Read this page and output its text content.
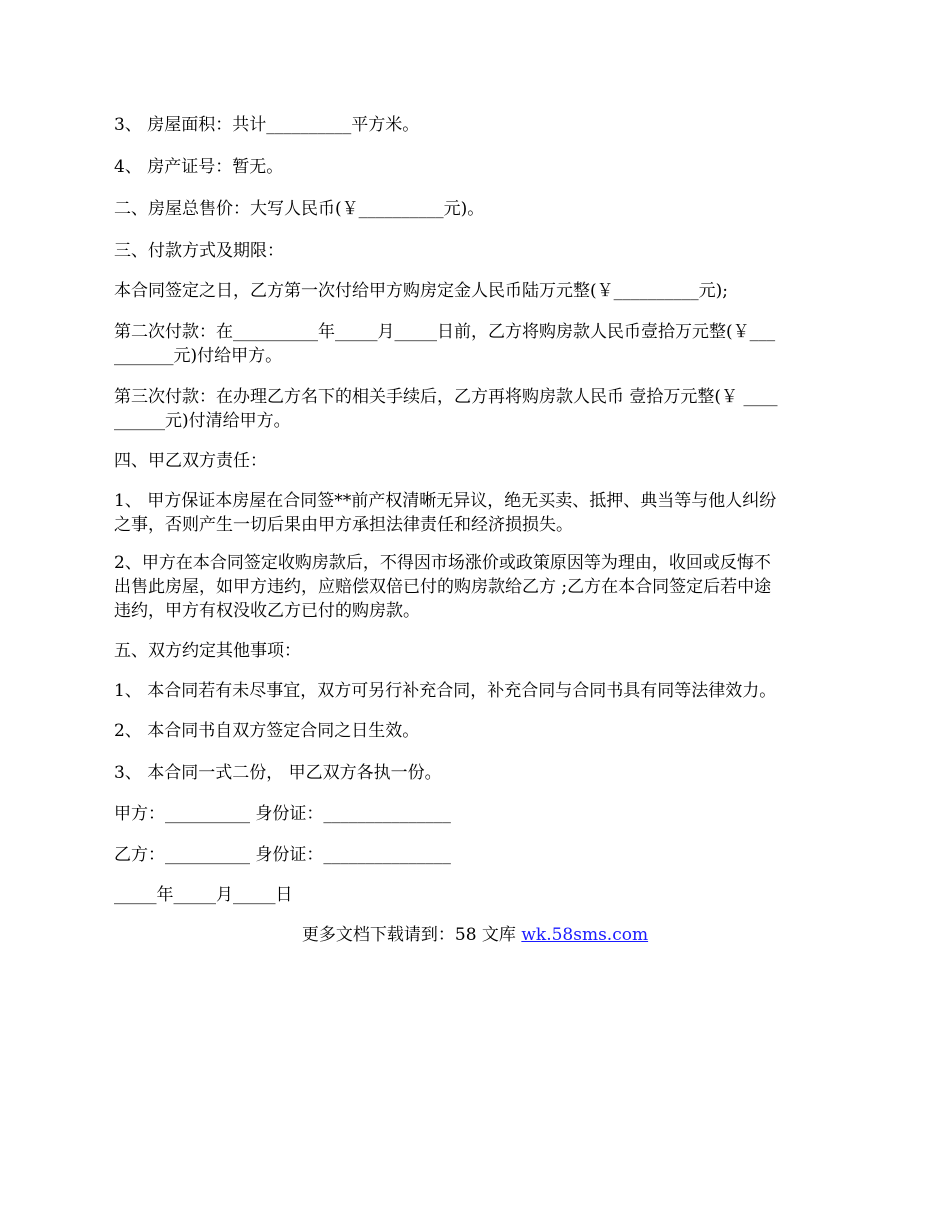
3、 房屋面积：共计__________平方米。

4、 房产证号：暂无。

二、房屋总售价：大写人民币(￥__________元)。

三、付款方式及期限：

本合同签定之日，乙方第一次付给甲方购房定金人民币陆万元整(￥__________元);

第二次付款：在__________年_____月_____日前，乙方将购房款人民币壹拾万元整(￥___

_______元)付给甲方。

第三次付款：在办理乙方名下的相关手续后，乙方再将购房款人民币 壹拾万元整(￥ ____

______元)付清给甲方。

四、甲乙双方责任：

1、 甲方保证本房屋在合同签**前产权清晰无异议，绝无买卖、抵押、典当等与他人纠纷

之事，否则产生一切后果由甲方承担法律责任和经济损损失。

2、甲方在本合同签定收购房款后，不得因市场涨价或政策原因等为理由，收回或反悔不

出售此房屋，如甲方违约，应赔偿双倍已付的购房款给乙方 ;乙方在本合同签定后若中途

违约，甲方有权没收乙方已付的购房款。

五、双方约定其他事项：

1、 本合同若有未尽事宜，双方可另行补充合同，补充合同与合同书具有同等法律效力。

2、 本合同书自双方签定合同之日生效。

3、 本合同一式二份， 甲乙双方各执一份。

甲方：__________ 身份证：_______________

乙方：__________ 身份证：_______________

_____年_____月_____日

更多文档下载请到：58 文库 wk.58sms.com
